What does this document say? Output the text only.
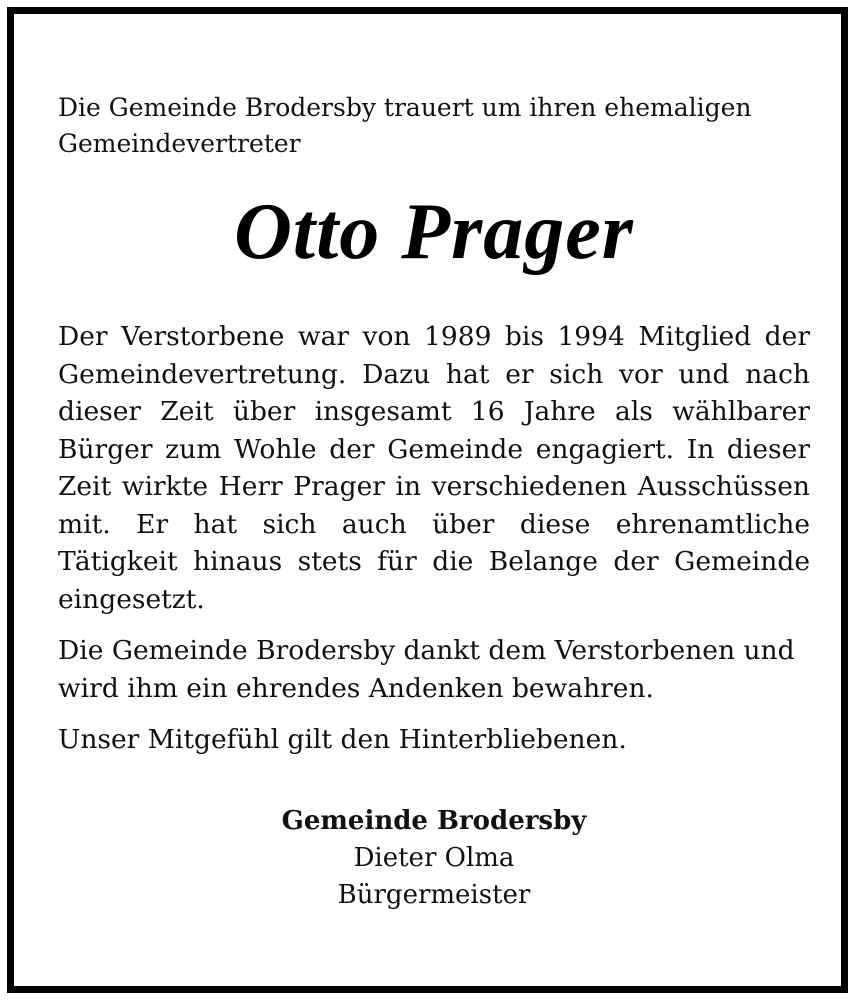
Die Gemeinde Brodersby trauert um ihren ehemaligen Gemeindevertreter

Otto Prager

Der Verstorbene war von 1989 bis 1994 Mitglied der Gemeindevertretung. Dazu hat er sich vor und nach dieser Zeit über insgesamt 16 Jahre als wählbarer Bürger zum Wohle der Gemeinde engagiert. In dieser Zeit wirkte Herr Prager in verschiedenen Ausschüssen mit. Er hat sich auch über diese ehrenamtliche Tätigkeit hinaus stets für die Belange der Gemeinde eingesetzt.

Die Gemeinde Brodersby dankt dem Verstorbenen und wird ihm ein ehrendes Andenken bewahren.

Unser Mitgefühl gilt den Hinterbliebenen.

Gemeinde Brodersby
Dieter Olma
Bürgermeister
